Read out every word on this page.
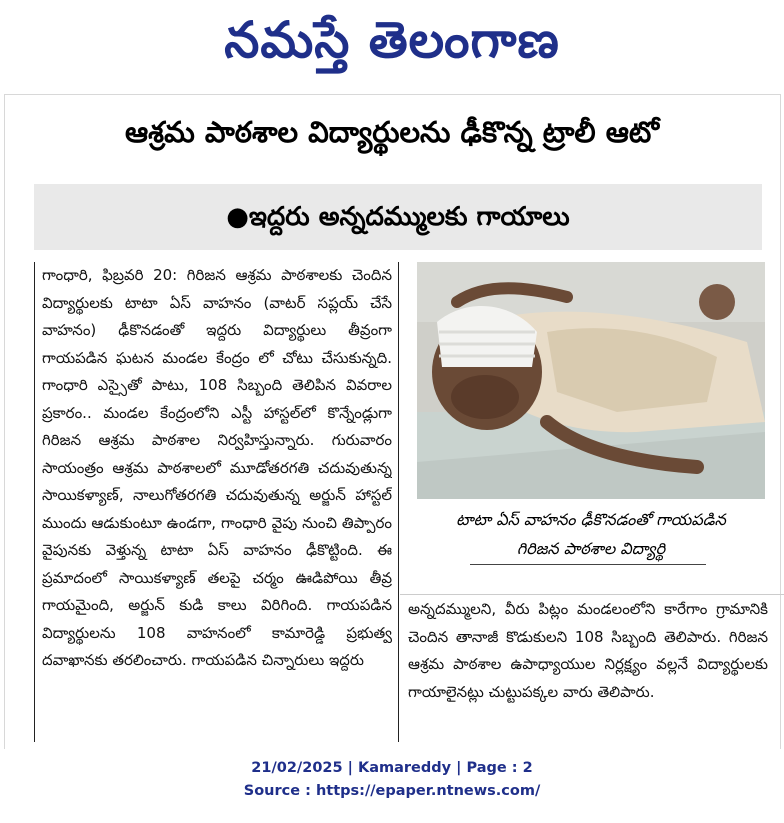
నమస్తే తెలంగాణ
ఆశ్రమ పాఠశాల విద్యార్థులను ఢీకొన్న ట్రాలీ ఆటో
●ఇద్దరు అన్నదమ్ములకు గాయాలు
గాంధారి, ఫిబ్రవరి 20: గిరిజన ఆశ్రమ పాఠశాలకు చెందిన విద్యార్థులకు టాటా ఏస్ వాహనం (వాటర్ సప్లయ్ చేసే వాహనం) ఢీకొనడంతో ఇద్దరు విద్యార్థులు తీవ్రంగా గాయపడిన ఘటన మండల కేంద్రం లో చోటు చేసుకున్నది. గాంధారి ఎస్సైతో పాటు, 108 సిబ్బంది తెలిపిన వివరాల ప్రకారం.. మండల కేంద్రంలోని ఎస్టీ హాస్టల్‌లో కొన్నేండ్లుగా గిరిజన ఆశ్రమ పాఠశాల నిర్వహిస్తున్నారు. గురువారం సాయంత్రం ఆశ్రమ పాఠశాలలో మూడోతరగతి చదువుతున్న సాయికళ్యాణ్, నాలుగోతరగతి చదువుతున్న అర్జున్ హాస్టల్ ముందు ఆడుకుంటూ ఉండగా, గాంధారి వైపు నుంచి తిప్పారం వైపునకు వెళ్తున్న టాటా ఏస్ వాహనం ఢీకొట్టింది. ఈ ప్రమాదంలో సాయికళ్యాణ్ తలపై చర్మం ఊడిపోయి తీవ్ర గాయమైంది, అర్జున్ కుడి కాలు విరిగింది. గాయపడిన విద్యార్థులను 108 వాహనంలో కామారెడ్డి ప్రభుత్వ దవాఖానకు తరలించారు. గాయపడిన చిన్నారులు ఇద్దరు
టాటా ఏస్ వాహనం ఢీకొనడంతో గాయపడిన
గిరిజన పాఠశాల విద్యార్థి
అన్నదమ్ములని, వీరు పిట్లం మండలంలోని కారేగాం గ్రామానికి చెందిన తానాజీ కొడుకులని 108 సిబ్బంది తెలిపారు. గిరిజన ఆశ్రమ పాఠశాల ఉపాధ్యాయుల నిర్లక్ష్యం వల్లనే విద్యార్థులకు గాయాలైనట్లు చుట్టుపక్కల వారు తెలిపారు.
21/02/2025 | Kamareddy | Page : 2
Source : https://epaper.ntnews.com/
